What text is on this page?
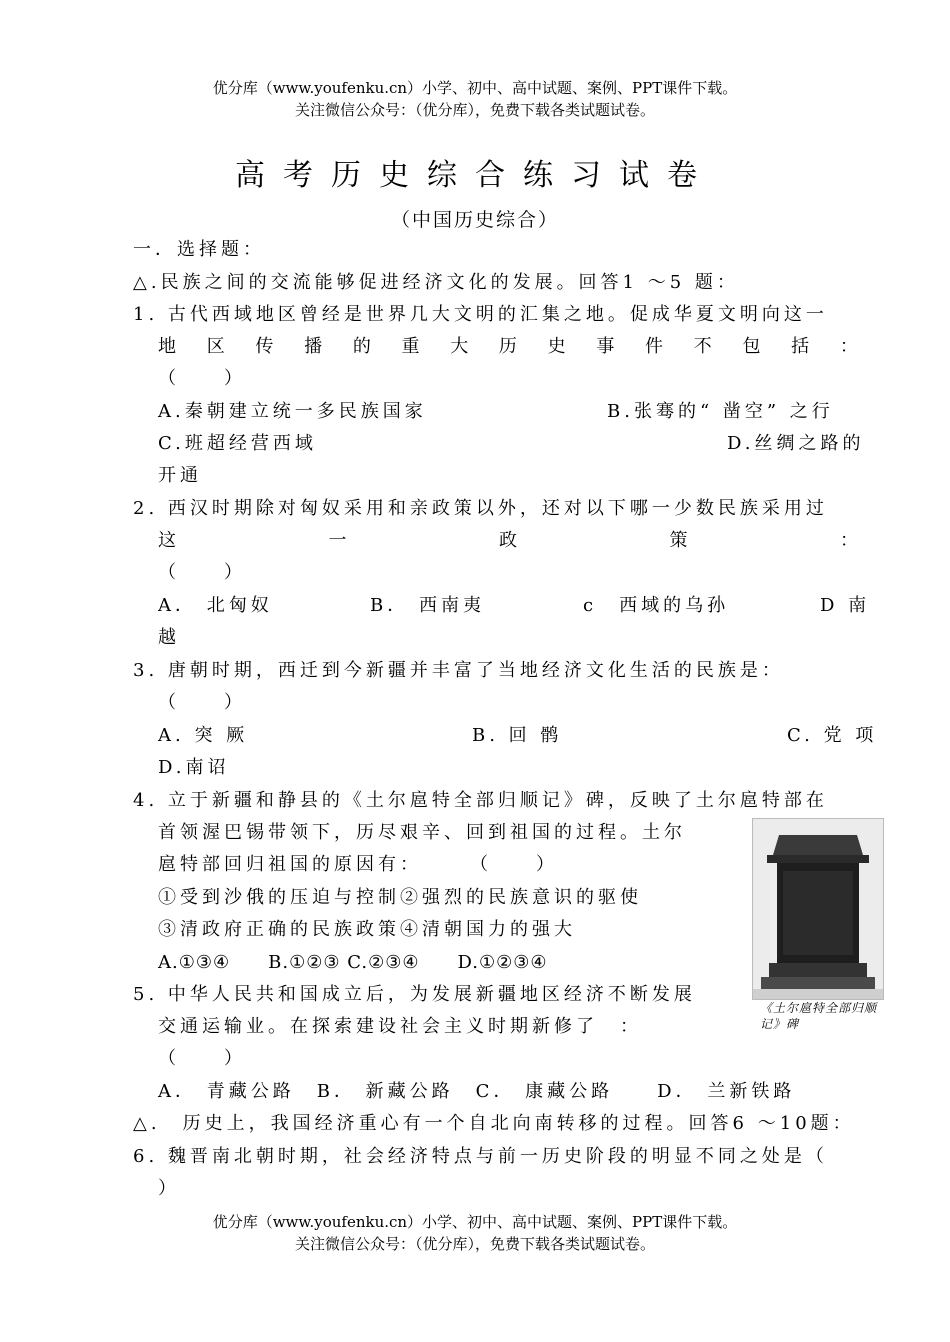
优分库（www.youfenku.cn）小学、初中、高中试题、案例、PPT课件下载。
关注微信公众号：（优分库），免费下载各类试题试卷。
高考历史综合练习试卷
（中国历史综合）
一．选择题：
△.民族之间的交流能够促进经济文化的发展。回答1 ～5 题：
1. 古代西域地区曾经是世界几大文明的汇集之地。促成华夏文明向这一
地 区 传 播 的 重 大 历 史 事 件 不 包 括 ：
（　　）
A.秦朝建立统一多民族国家	B.张骞的“ 凿空” 之行
C.班超经营西域	D.丝绸之路的
开通
2. 西汉时期除对匈奴采用和亲政策以外，还对以下哪一少数民族采用过
这	一	政	策	：
（　　）
A． 北匈奴	B． 西南夷	c　西域的乌孙	D 南
越
3. 唐朝时期，西迁到今新疆并丰富了当地经济文化生活的民族是：
（　　）
A. 突 厥	B. 回 鹘	C. 党 项
D.南诏
4. 立于新疆和静县的《土尔扈特全部归顺记》碑，反映了土尔扈特部在
首领渥巴锡带领下，历尽艰辛、回到祖国的过程。土尔
扈特部回归祖国的原因有：　　　（　　）
①受到沙俄的压迫与控制②强烈的民族意识的驱使
③清政府正确的民族政策④清朝国力的强大
A.①③④　　B.①②③ C.②③④　　D.①②③④
《土尔扈特全部归顺记》碑
5. 中华人民共和国成立后，为发展新疆地区经济不断发展
交通运输业。在探索建设社会主义时期新修了　：
（　　）
A． 青藏公路　B． 新藏公路　C． 康藏公路　　D． 兰新铁路
△.　历史上，我国经济重心有一个自北向南转移的过程。回答6 ～10题：
6. 魏晋南北朝时期，社会经济特点与前一历史阶段的明显不同之处是（
）
优分库（www.youfenku.cn）小学、初中、高中试题、案例、PPT课件下载。
关注微信公众号：（优分库），免费下载各类试题试卷。
